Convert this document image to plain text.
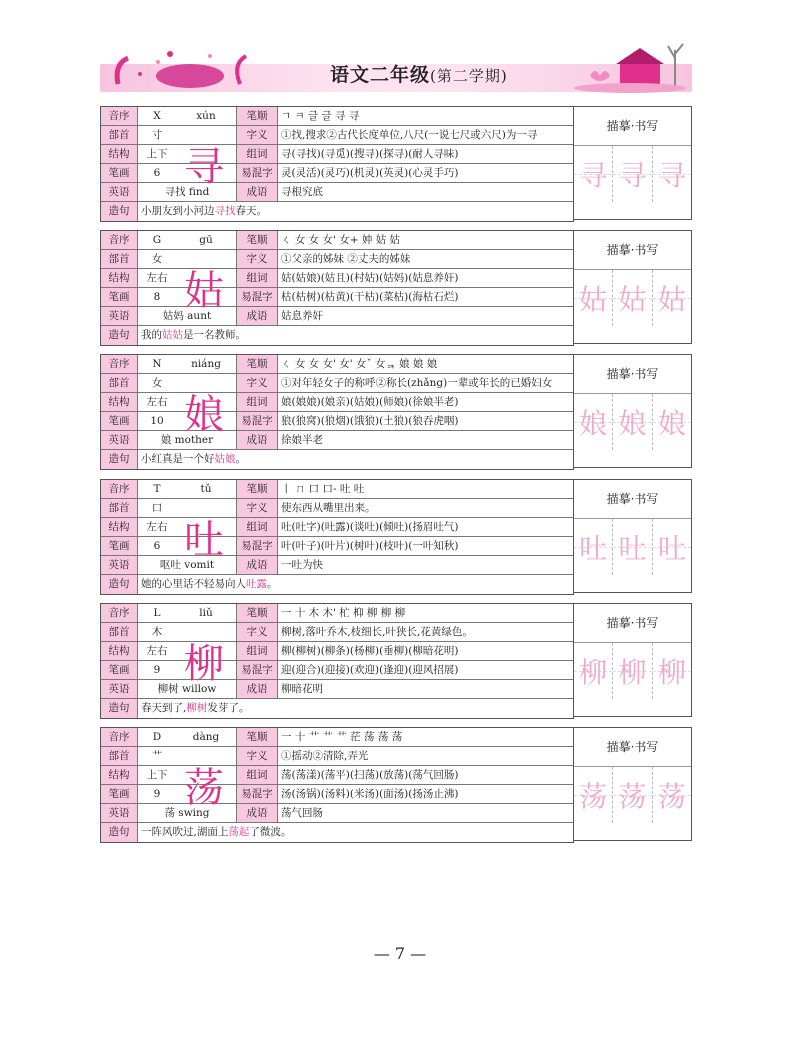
语文二年级(第二学期)
音序	X	xún	笔顺	ㄱ ㅋ 글 글 寻 寻
部首	寸	字义	①找,搜求②古代长度单位,八尺(一说七尺或六尺)为一寻
结构	上下	组词	寻(寻找)(寻觅)(搜寻)(探寻)(耐人寻味)
笔画	6	易混字 灵(灵活)(灵巧)(机灵)(英灵)(心灵手巧)
英语	寻找 find	成语	寻根究底
造句	小朋友到小河边寻找春天。
寻
描摹·书写
寻 寻 寻
音序	G	gū	笔顺	ㄑ 女 女 女' 女+ 妕 姑 姑
部首	女	字义	①父亲的姊妹 ②丈夫的姊妹
结构	左右	组词	姑(姑娘)(姑且)(村姑)(姑妈)(姑息养奸)
笔画	8	易混字 枯(枯树)(枯黄)(干枯)(菜枯)(海枯石烂)
英语	姑妈 aunt	成语	姑息养奸
造句	我的姑姑是一名教师。
姑
描摹·书写
姑 姑 姑
音序	N	niáng	笔顺	ㄑ 女 女 女' 女' 女ˇ 女ᆿ 娘 娘 娘
部首	女	字义	①对年轻女子的称呼②称长(zhǎng)一辈或年长的已婚妇女
结构	左右	组词	娘(娘娘)(娘亲)(姑娘)(师娘)(徐娘半老)
笔画	10	易混字 狼(狼窝)(狼烟)(饿狼)(土狼)(狼吞虎咽)
英语	娘 mother	成语	徐娘半老
造句	小红真是一个好姑娘。
娘
描摹·书写
娘 娘 娘
音序	T	tǔ	笔顺	丨 ㄇ 口 口- 吐 吐
部首	口	字义	使东西从嘴里出来。
结构	左右	组词	吐(吐字)(吐露)(谈吐)(倾吐)(扬眉吐气)
笔画	6	易混字 叶(叶子)(叶片)(树叶)(枝叶)(一叶知秋)
英语	呕吐 vomit	成语	一吐为快
造句	她的心里话不轻易向人吐露。
吐
描摹·书写
吐 吐 吐
音序	L	liǔ	笔顺	一 十 木 木' 杧 枊 柳 柳 柳
部首	木	字义	柳树,落叶乔木,枝细长,叶狭长,花黄绿色。
结构	左右	组词	柳(柳树)(柳条)(杨柳)(垂柳)(柳暗花明)
笔画	9	易混字 迎(迎合)(迎接)(欢迎)(逢迎)(迎风招展)
英语	柳树 willow	成语	柳暗花明
造句	春天到了,柳树发芽了。
柳
描摹·书写
柳 柳 柳
音序	D	dàng	笔顺	一 十 艹 艹 艹 茫 荡 荡 荡
部首	艹	字义	①摇动②清除,弄光
结构	上下	组词	荡(荡漾)(荡平)(扫荡)(放荡)(荡气回肠)
笔画	9	易混字 汤(汤锅)(汤料)(米汤)(面汤)(扬汤止沸)
英语	荡 swing	成语	荡气回肠
造句	一阵风吹过,湖面上荡起了微波。
荡
描摹·书写
荡 荡 荡
— 7 —
